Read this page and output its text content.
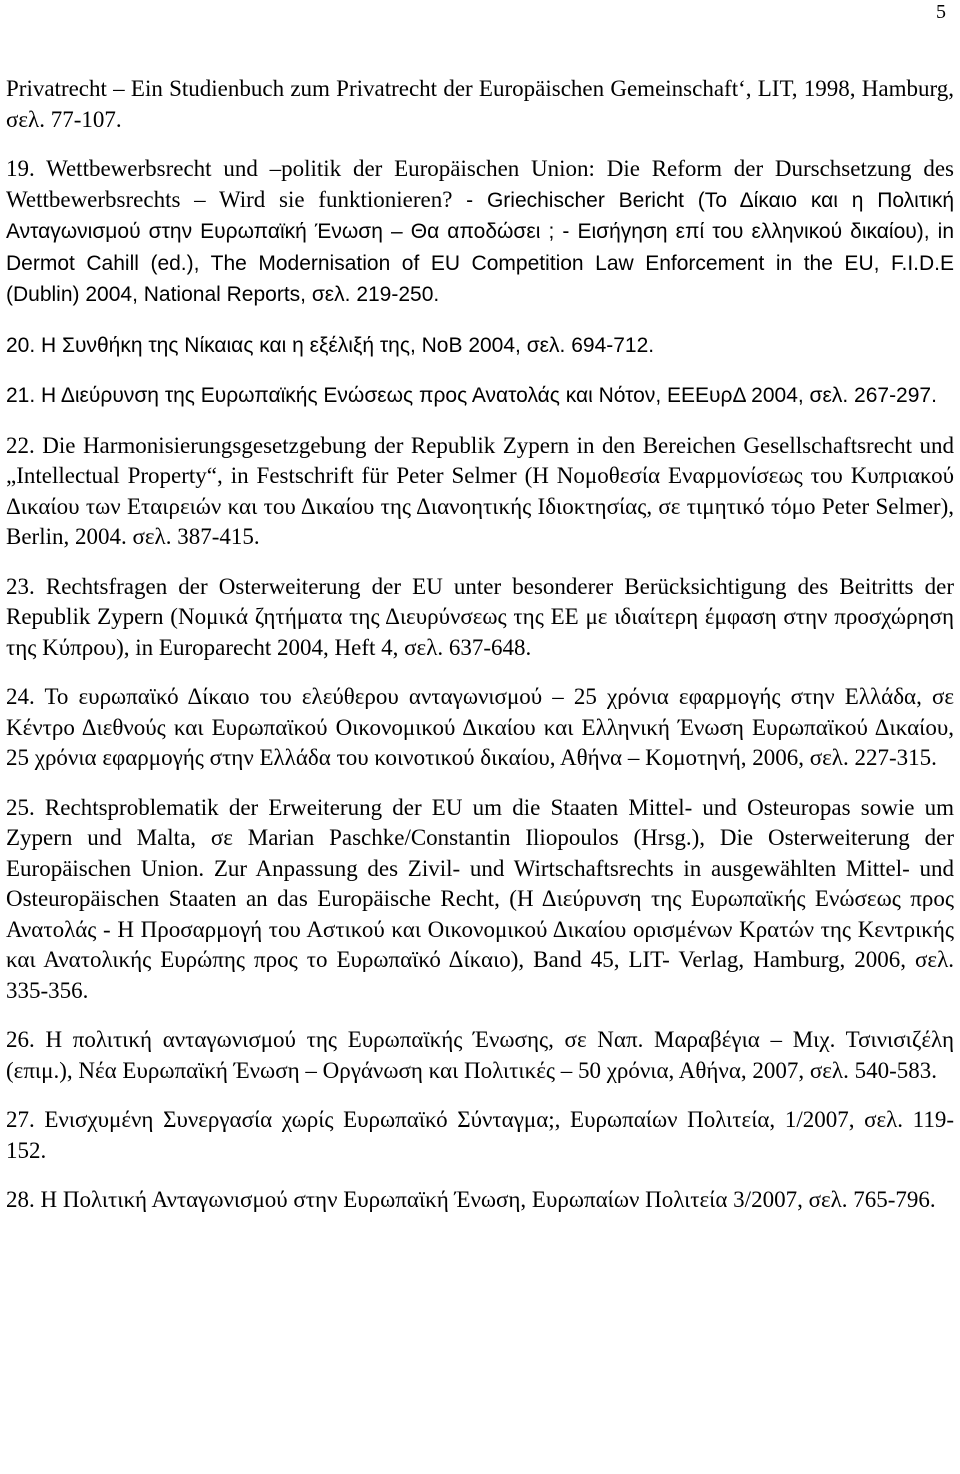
5

Privatrecht – Ein Studienbuch zum Privatrecht der Europäischen Gemeinschaft‘, LIT, 1998, Hamburg, σελ. 77-107.

19. Wettbewerbsrecht und –politik der Europäischen Union: Die Reform der Durschsetzung des Wettbewerbsrechts – Wird sie funktionieren? - Griechischer Bericht (Το Δίκαιο και η Πολιτική Ανταγωνισμού στην Ευρωπαϊκή Ένωση – Θα αποδώσει ; - Εισήγηση επί του ελληνικού δικαίου), in Dermot Cahill (ed.), The Modernisation of EU Competition Law Enforcement in the EU, F.I.D.E (Dublin) 2004, National Reports, σελ. 219-250.

20. Η Συνθήκη της Νίκαιας και η εξέλιξή της, ΝοΒ 2004, σελ. 694-712.

21. Η Διεύρυνση της Ευρωπαϊκής Ενώσεως προς Ανατολάς και Νότον, ΕΕΕυρΔ 2004, σελ. 267-297.

22. Die Harmonisierungsgesetzgebung der Republik Zypern in den Bereichen Gesellschaftsrecht und „Intellectual Property“, in Festschrift für Peter Selmer (Η Νομοθεσία Εναρμονίσεως του Κυπριακού Δικαίου των Εταιρειών και του Δικαίου της Διανοητικής Ιδιοκτησίας, σε τιμητικό τόμο Peter Selmer), Berlin, 2004. σελ. 387-415.

23. Rechtsfragen der Osterweiterung der EU unter besonderer Berücksichtigung des Beitritts der Republik Zypern (Νομικά ζητήματα της Διευρύνσεως της ΕΕ με ιδιαίτερη έμφαση στην προσχώρηση της Κύπρου), in Europarecht 2004, Heft 4, σελ. 637-648.

24. Το ευρωπαϊκό Δίκαιο του ελεύθερου ανταγωνισμού – 25 χρόνια εφαρμογής στην Ελλάδα, σε Κέντρο Διεθνούς και Ευρωπαϊκού Οικονομικού Δικαίου και Ελληνική Ένωση Ευρωπαϊκού Δικαίου, 25 χρόνια εφαρμογής στην Ελλάδα του κοινοτικού δικαίου, Αθήνα – Κομοτηνή, 2006, σελ. 227-315.

25. Rechtsproblematik der Erweiterung der EU um die Staaten Mittel- und Osteuropas sowie um Zypern und Malta, σε Marian Paschke/Constantin Iliopoulos (Hrsg.), Die Osterweiterung der Europäischen Union. Zur Anpassung des Zivil- und Wirtschaftsrechts in ausgewählten Mittel- und Osteuropäischen Staaten an das Europäische Recht, (Η Διεύρυνση της Ευρωπαϊκής Ενώσεως προς Ανατολάς - Η Προσαρμογή του Αστικού και Οικονομικού Δικαίου ορισμένων Κρατών της Κεντρικής και Ανατολικής Ευρώπης προς το Ευρωπαϊκό Δίκαιο), Band 45, LIT- Verlag, Hamburg, 2006, σελ. 335-356.

26. Η πολιτική ανταγωνισμού της Ευρωπαϊκής Ένωσης, σε Ναπ. Μαραβέγια – Μιχ. Τσινισιζέλη (επιμ.), Νέα Ευρωπαϊκή Ένωση – Οργάνωση και Πολιτικές – 50 χρόνια, Αθήνα, 2007, σελ. 540-583.

27. Ενισχυμένη Συνεργασία χωρίς Ευρωπαϊκό Σύνταγμα;, Ευρωπαίων Πολιτεία, 1/2007, σελ. 119-152.

28. Η Πολιτική Ανταγωνισμού στην Ευρωπαϊκή Ένωση, Ευρωπαίων Πολιτεία 3/2007, σελ. 765-796.
